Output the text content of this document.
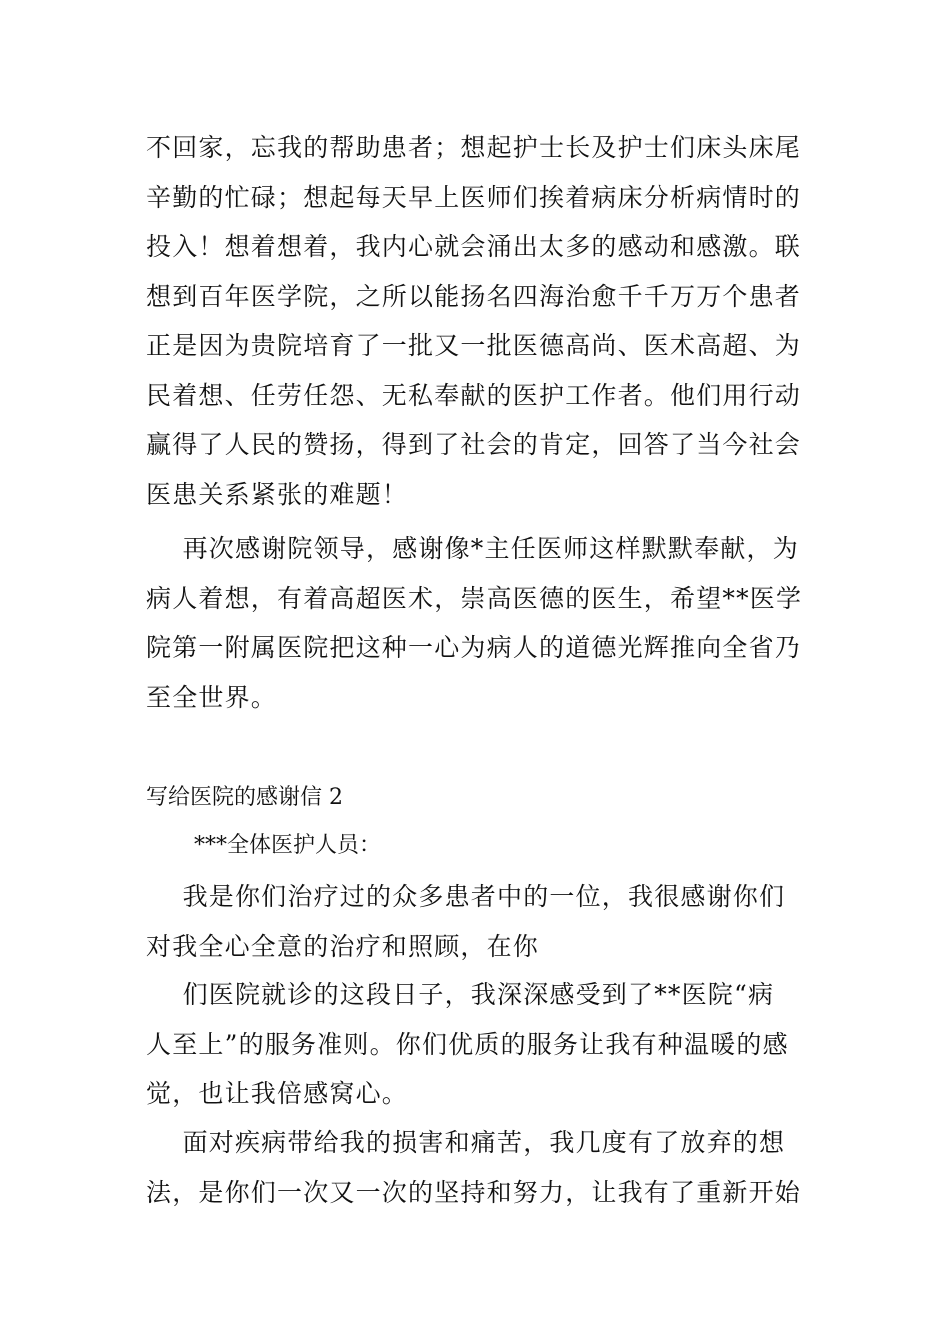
不回家，忘我的帮助患者；想起护士长及护士们床头床尾
辛勤的忙碌；想起每天早上医师们挨着病床分析病情时的
投入！想着想着，我内心就会涌出太多的感动和感激。联
想到百年医学院，之所以能扬名四海治愈千千万万个患者
正是因为贵院培育了一批又一批医德高尚、医术高超、为
民着想、任劳任怨、无私奉献的医护工作者。他们用行动
赢得了人民的赞扬，得到了社会的肯定，回答了当今社会
医患关系紧张的难题！

再次感谢院领导，感谢像*主任医师这样默默奉献，为
病人着想，有着高超医术，崇高医德的医生，希望**医学
院第一附属医院把这种一心为病人的道德光辉推向全省乃
至全世界。

写给医院的感谢信 2

***全体医护人员：

我是你们治疗过的众多患者中的一位，我很感谢你们
对我全心全意的治疗和照顾，在你

们医院就诊的这段日子，我深深感受到了**医院“病
人至上”的服务准则。你们优质的服务让我有种温暖的感
觉，也让我倍感窝心。

面对疾病带给我的损害和痛苦，我几度有了放弃的想
法，是你们一次又一次的坚持和努力，让我有了重新开始
